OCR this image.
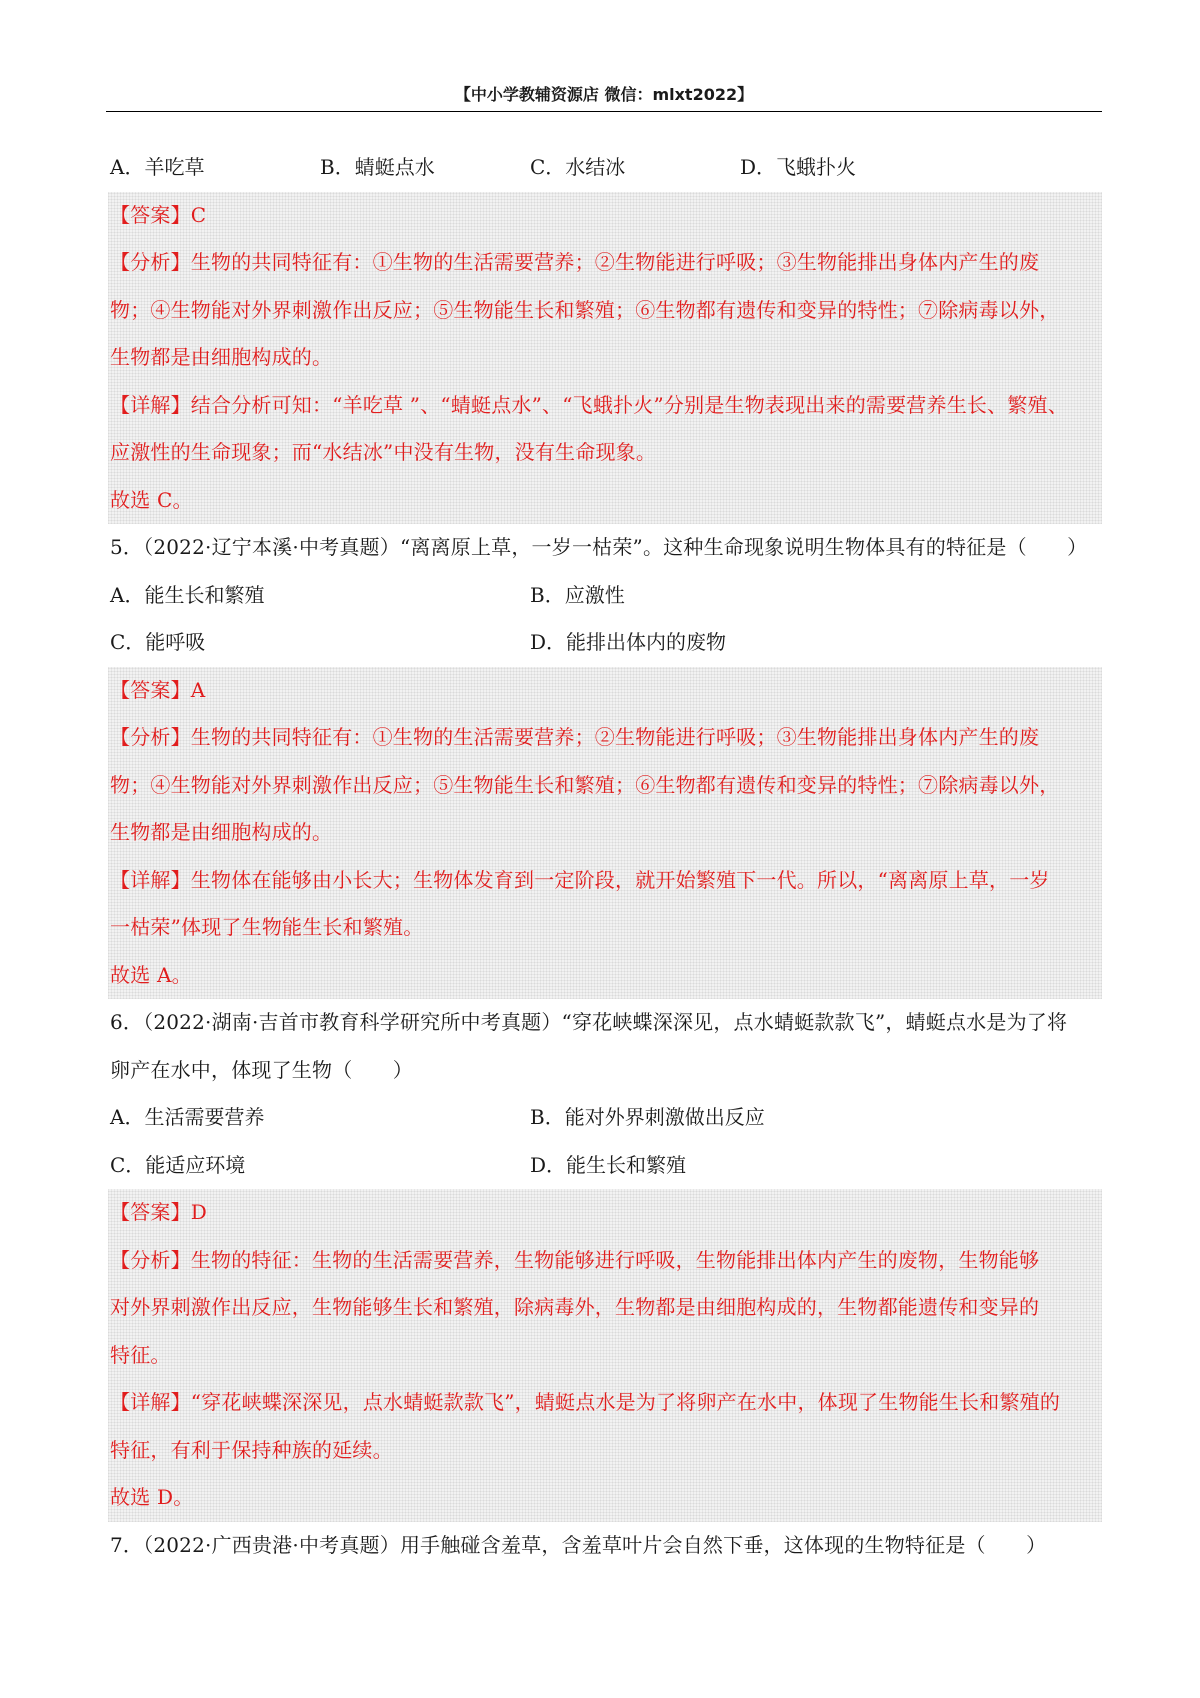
【中小学教辅资源店 微信：mlxt2022】
A．羊吃草	B．蜻蜓点水	C．水结冰	D．飞蛾扑火
【答案】C
【分析】生物的共同特征有：①生物的生活需要营养；②生物能进行呼吸；③生物能排出身体内产生的废
物；④生物能对外界刺激作出反应；⑤生物能生长和繁殖；⑥生物都有遗传和变异的特性；⑦除病毒以外，
生物都是由细胞构成的。
【详解】结合分析可知：“羊吃草 ”、“蜻蜓点水”、“飞蛾扑火”分别是生物表现出来的需要营养生长、繁殖、
应激性的生命现象；而“水结冰”中没有生物，没有生命现象。
故选 C。
5．（2022·辽宁本溪·中考真题）“离离原上草，一岁一枯荣”。这种生命现象说明生物体具有的特征是（　　）
A．能生长和繁殖	B．应激性
C．能呼吸	D．能排出体内的废物
【答案】A
【分析】生物的共同特征有：①生物的生活需要营养；②生物能进行呼吸；③生物能排出身体内产生的废
物；④生物能对外界刺激作出反应；⑤生物能生长和繁殖；⑥生物都有遗传和变异的特性；⑦除病毒以外，
生物都是由细胞构成的。
【详解】生物体在能够由小长大；生物体发育到一定阶段，就开始繁殖下一代。所以，“离离原上草，一岁
一枯荣”体现了生物能生长和繁殖。
故选 A。
6．（2022·湖南·吉首市教育科学研究所中考真题）“穿花峡蝶深深见，点水蜻蜓款款飞”，蜻蜓点水是为了将
卵产在水中，体现了生物（　　）
A．生活需要营养	B．能对外界刺激做出反应
C．能适应环境	D．能生长和繁殖
【答案】D
【分析】生物的特征：生物的生活需要营养，生物能够进行呼吸，生物能排出体内产生的废物，生物能够
对外界刺激作出反应，生物能够生长和繁殖，除病毒外，生物都是由细胞构成的，生物都能遗传和变异的
特征。
【详解】“穿花峡蝶深深见，点水蜻蜓款款飞”，蜻蜓点水是为了将卵产在水中，体现了生物能生长和繁殖的
特征，有利于保持种族的延续。
故选 D。
7．（2022·广西贵港·中考真题）用手触碰含羞草，含羞草叶片会自然下垂，这体现的生物特征是（　　）
